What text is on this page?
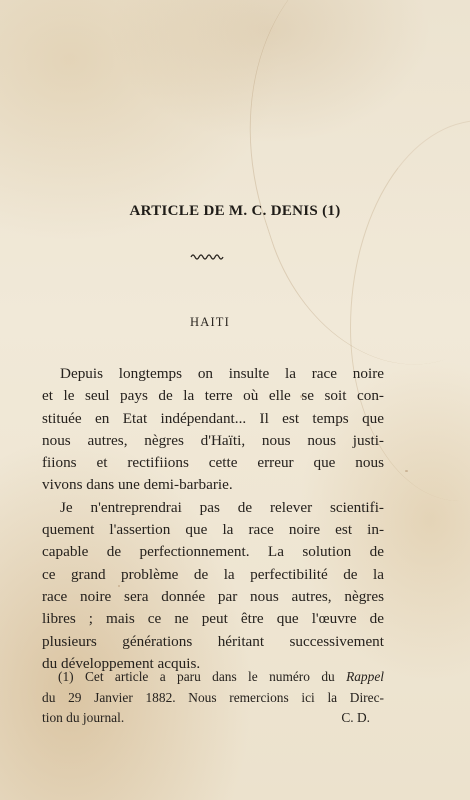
ARTICLE DE M. C. DENIS (1)
HAITI
Depuis longtemps on insulte la race noire
et le seul pays de la terre où elle se soit con-
stituée en Etat indépendant... Il est temps que
nous autres, nègres d'Haïti, nous nous justi-
fiions et rectifiions cette erreur que nous
vivons dans une demi-barbarie.
Je n'entreprendrai pas de relever scientifi-
quement l'assertion que la race noire est in-
capable de perfectionnement. La solution de
ce grand problème de la perfectibilité de la
race noire sera donnée par nous autres, nègres
libres ; mais ce ne peut être que l'œuvre de
plusieurs générations héritant successivement
du développement acquis.
(1) Cet article a paru dans le numéro du Rappel
du 29 Janvier 1882. Nous remercions ici la Direc-
tion du journal.	C. D.
